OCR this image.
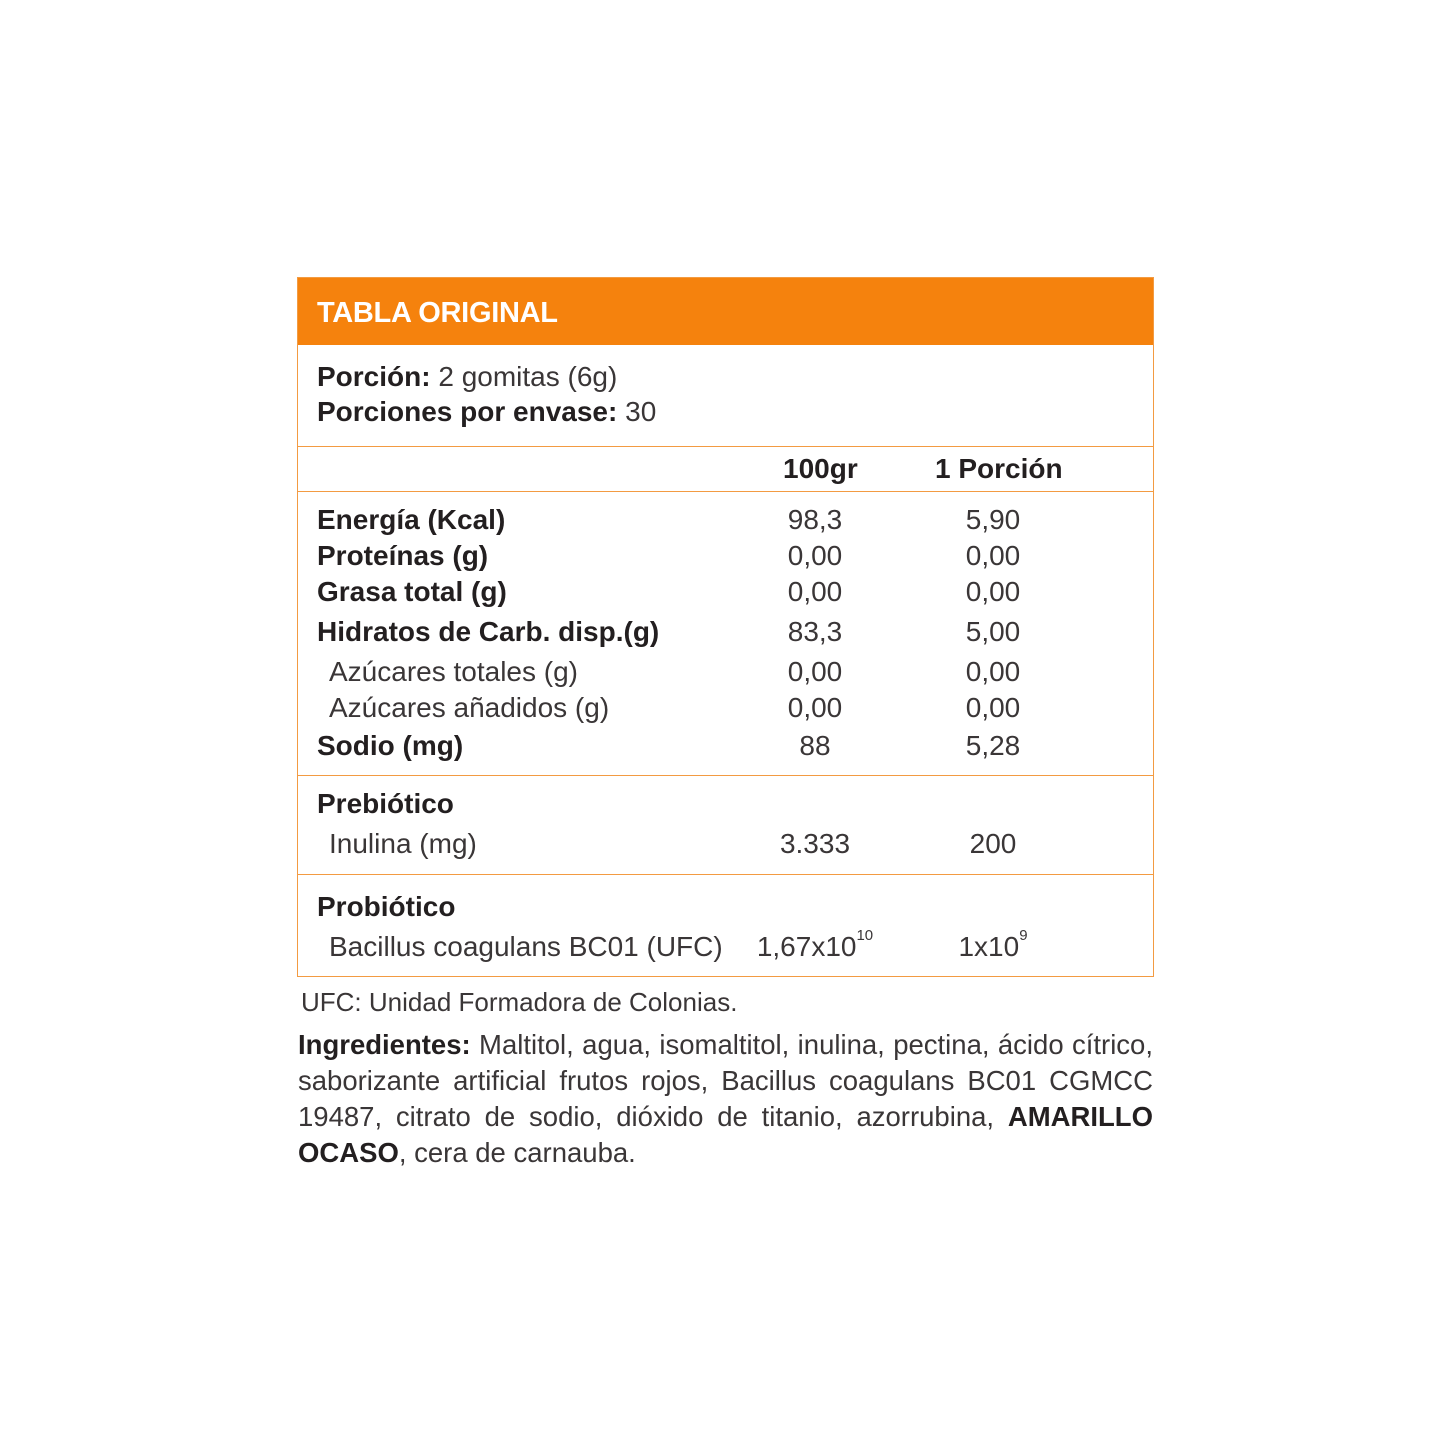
TABLA ORIGINAL
Porción: 2 gomitas (6g)
Porciones por envase: 30
100gr	1 Porción
Energía (Kcal)	98,3	5,90
Proteínas (g)	0,00	0,00
Grasa total (g)	0,00	0,00
Hidratos de Carb. disp.(g)	83,3	5,00
Azúcares totales (g)	0,00	0,00
Azúcares añadidos (g)	0,00	0,00
Sodio (mg)	88	5,28
Prebiótico
Inulina (mg)	3.333	200
Probiótico
Bacillus coagulans BC01 (UFC)	$1,67x10^{10}$	$1x10^9$
UFC: Unidad Formadora de Colonias.
Ingredientes: Maltitol, agua, isomaltitol, inulina, pectina, ácido cítrico, saborizante artificial frutos rojos, Bacillus coagulans BC01 CGMCC 19487, citrato de sodio, dióxido de titanio, azorrubina, AMARILLO OCASO, cera de carnauba.
